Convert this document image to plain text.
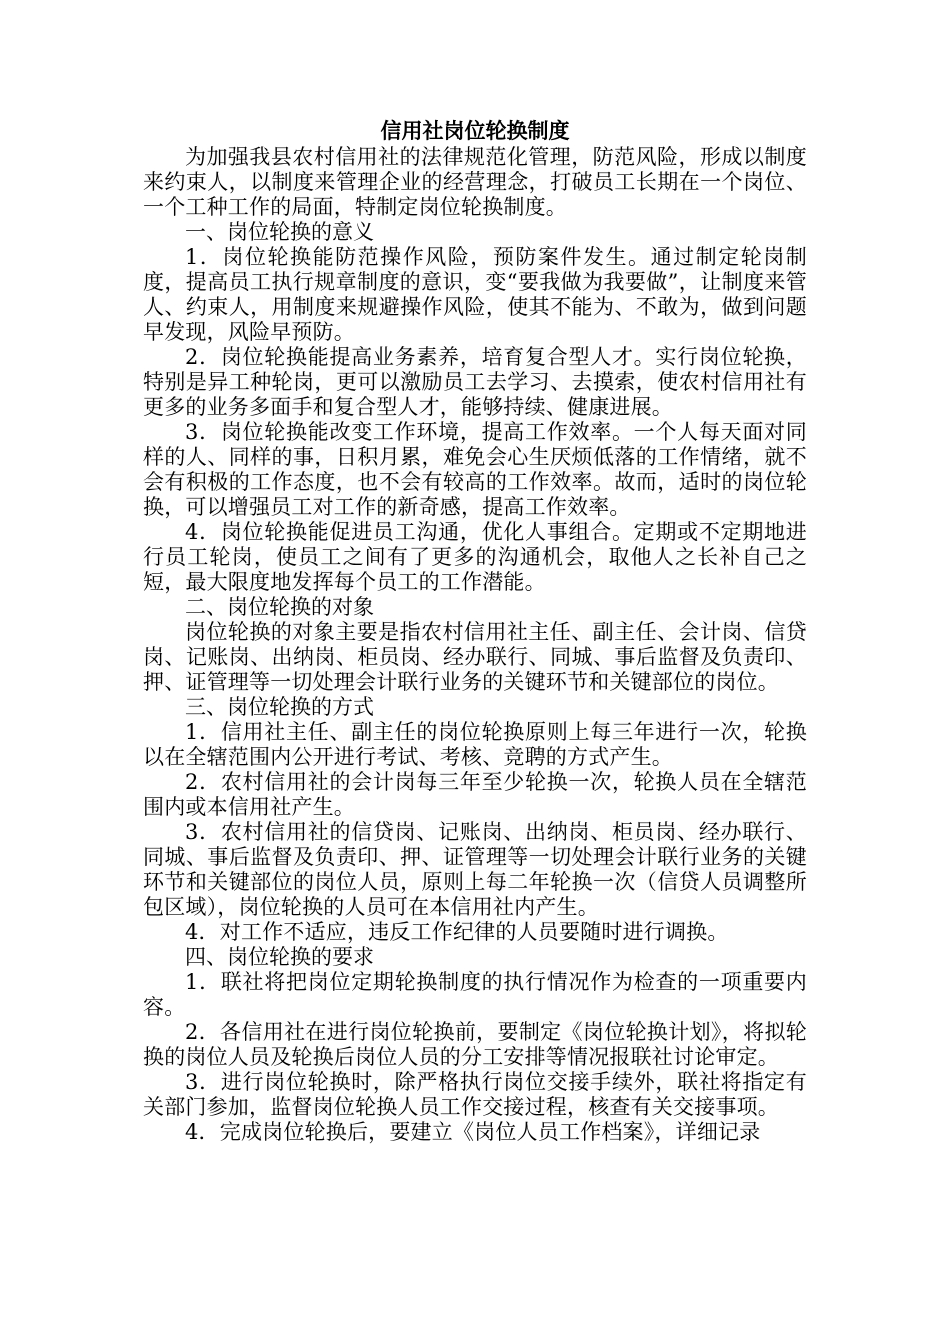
信用社岗位轮换制度

为加强我县农村信用社的法律规范化管理，防范风险，形成以制度来约束人，以制度来管理企业的经营理念，打破员工长期在一个岗位、一个工种工作的局面，特制定岗位轮换制度。

一、岗位轮换的意义

1．岗位轮换能防范操作风险，预防案件发生。通过制定轮岗制度，提高员工执行规章制度的意识，变“要我做为我要做”，让制度来管人、约束人，用制度来规避操作风险，使其不能为、不敢为，做到问题早发现，风险早预防。

2．岗位轮换能提高业务素养，培育复合型人才。实行岗位轮换，特别是异工种轮岗，更可以激励员工去学习、去摸索，使农村信用社有更多的业务多面手和复合型人才，能够持续、健康进展。

3．岗位轮换能改变工作环境，提高工作效率。一个人每天面对同样的人、同样的事，日积月累，难免会心生厌烦低落的工作情绪，就不会有积极的工作态度，也不会有较高的工作效率。故而，适时的岗位轮换，可以增强员工对工作的新奇感，提高工作效率。

4．岗位轮换能促进员工沟通，优化人事组合。定期或不定期地进行员工轮岗，使员工之间有了更多的沟通机会，取他人之长补自己之短，最大限度地发挥每个员工的工作潜能。

二、岗位轮换的对象

岗位轮换的对象主要是指农村信用社主任、副主任、会计岗、信贷岗、记账岗、出纳岗、柜员岗、经办联行、同城、事后监督及负责印、押、证管理等一切处理会计联行业务的关键环节和关键部位的岗位。

三、岗位轮换的方式

1．信用社主任、副主任的岗位轮换原则上每三年进行一次，轮换以在全辖范围内公开进行考试、考核、竞聘的方式产生。

2．农村信用社的会计岗每三年至少轮换一次，轮换人员在全辖范围内或本信用社产生。

3．农村信用社的信贷岗、记账岗、出纳岗、柜员岗、经办联行、同城、事后监督及负责印、押、证管理等一切处理会计联行业务的关键环节和关键部位的岗位人员，原则上每二年轮换一次（信贷人员调整所包区域），岗位轮换的人员可在本信用社内产生。

4．对工作不适应，违反工作纪律的人员要随时进行调换。

四、岗位轮换的要求

1．联社将把岗位定期轮换制度的执行情况作为检查的一项重要内容。

2．各信用社在进行岗位轮换前，要制定《岗位轮换计划》，将拟轮换的岗位人员及轮换后岗位人员的分工安排等情况报联社讨论审定。

3．进行岗位轮换时，除严格执行岗位交接手续外，联社将指定有关部门参加，监督岗位轮换人员工作交接过程，核查有关交接事项。

4．完成岗位轮换后，要建立《岗位人员工作档案》，详细记录
